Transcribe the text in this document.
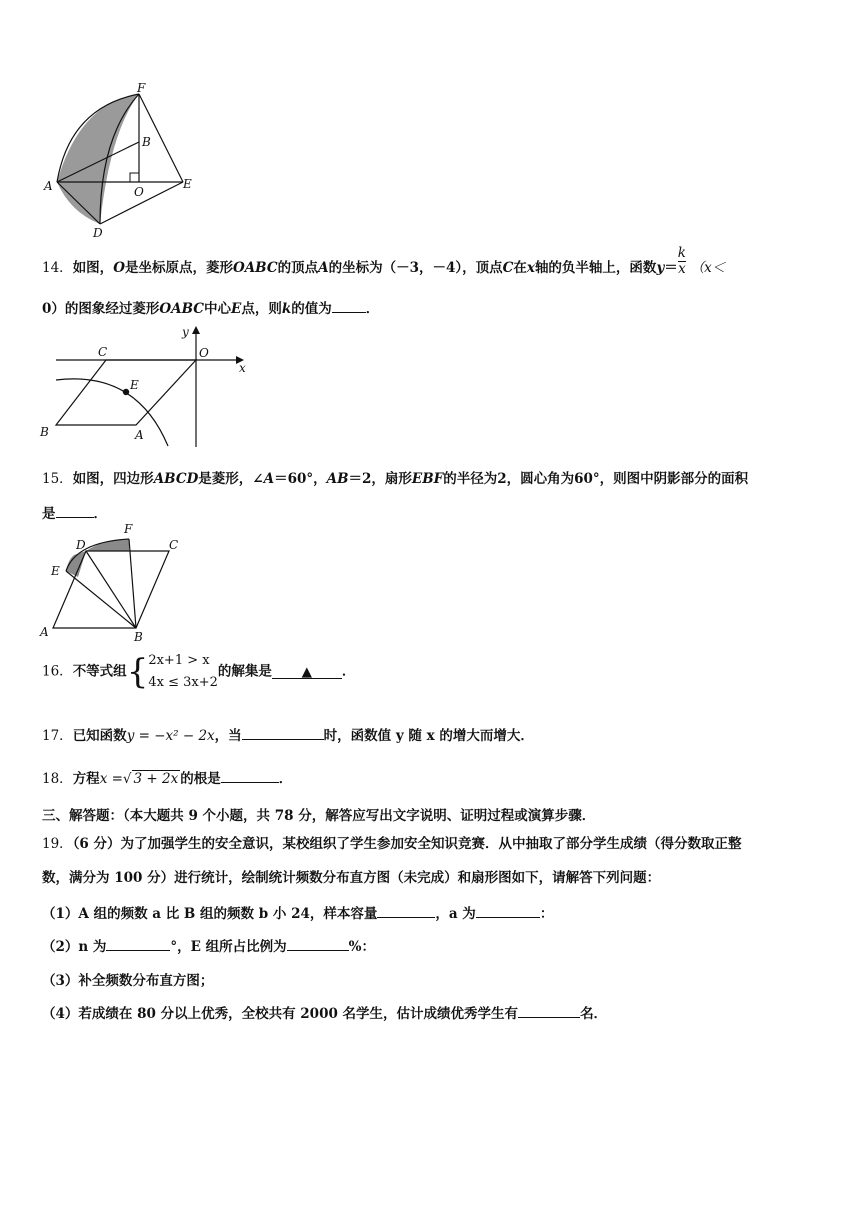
F
B
A	O
E
D
14．如图，O是坐标原点，菱形OABC的顶点A的坐标为（－3，－4），顶点C在x轴的负半轴上，函数$y= \frac{k}{x} (x<$
0）的图象经过菱形OABC中心E点，则k的值为	．
y
C	O
x
E
B	A
15．如图，四边形ABCD是菱形，∠A＝60°，AB＝2，扇形EBF的半径为2，圆心角为60°，则图中阴影部分的面积
是	．
D
F
C
E
A	B
16．不等式组{ 2x+1 > x
4x ≤ 3x+2
的解集是 ▲ ．
17．已知函数y = −x² − 2x，当	时，函数值 y 随 x 的增大而增大．
18．方程x =√ 3 + 2x 的根是	．
三、解答题：（本大题共 9 个小题，共 78 分，解答应写出文字说明、证明过程或演算步骤．
19．（6 分）为了加强学生的安全意识，某校组织了学生参加安全知识竞赛．从中抽取了部分学生成绩（得分数取正整
数，满分为 100 分）进行统计，绘制统计频数分布直方图（未完成）和扇形图如下，请解答下列问题：
（1）A 组的频数 a 比 B 组的频数 b 小 24，样本容量	，a 为	：
（2）n 为	°，E 组所占比例为	%：
（3）补全频数分布直方图；
（4）若成绩在 80 分以上优秀，全校共有 2000 名学生，估计成绩优秀学生有	名．
